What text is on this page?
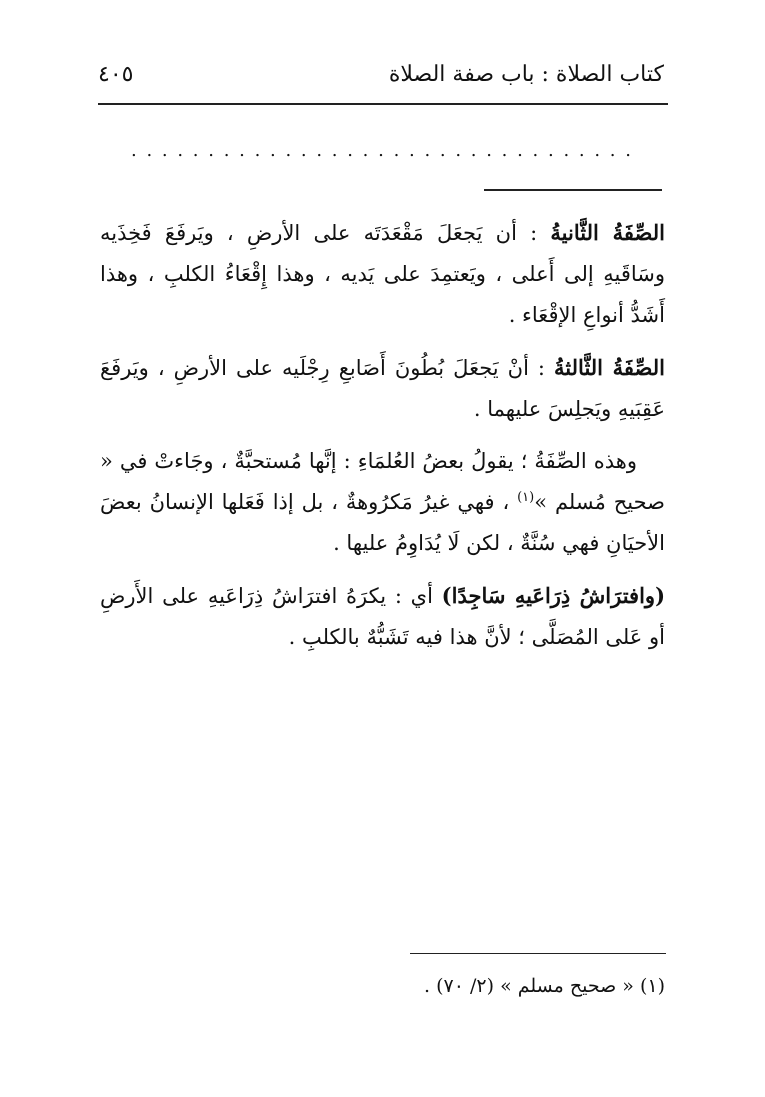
كتاب الصلاة : باب صفة الصلاة
٤٠٥
. . . . . . . . . . . . . . . . . . . . . . . . . . . . . . . . .

الصِّفَةُ الثَّانيةُ : أن يَجعَلَ مَقْعَدَتَه على الأرضِ ، ويَرفَعَ فَخِذَيه وسَاقَيهِ إلى أَعلى ، ويَعتمِدَ على يَديه ، وهذا إِقْعَاءُ الكلبِ ، وهذا أَشَدُّ أنواعِ الإقْعَاء .

الصِّفَةُ الثَّالثةُ : أنْ يَجعَلَ بُطُونَ أَصَابعِ رِجْلَيه على الأرضِ ، ويَرفَعَ عَقِبَيهِ ويَجلِسَ عليهما .

وهذه الصِّفَةُ ؛ يقولُ بعضُ العُلمَاءِ : إنَّها مُستحبَّةٌ ، وجَاءتْ في « صحيح مُسلم »$^{(١)}$ ، فهي غيرُ مَكرُوهةٌ ، بل إذا فَعَلها الإنسانُ بعضَ الأحيَانِ فهي سُنَّةٌ ، لكن لَا يُدَاوِمُ عليها .

(وافترَاشُ ذِرَاعَيهِ سَاجِدًا) أي : يكرَهُ افترَاشُ ذِرَاعَيهِ على الأَرضِ أو عَلى المُصَلَّى ؛ لأنَّ هذا فيه تَشَبُّهٌ بالكلبِ .

(١) « صحيح مسلم » (٢/ ٧٠) .
